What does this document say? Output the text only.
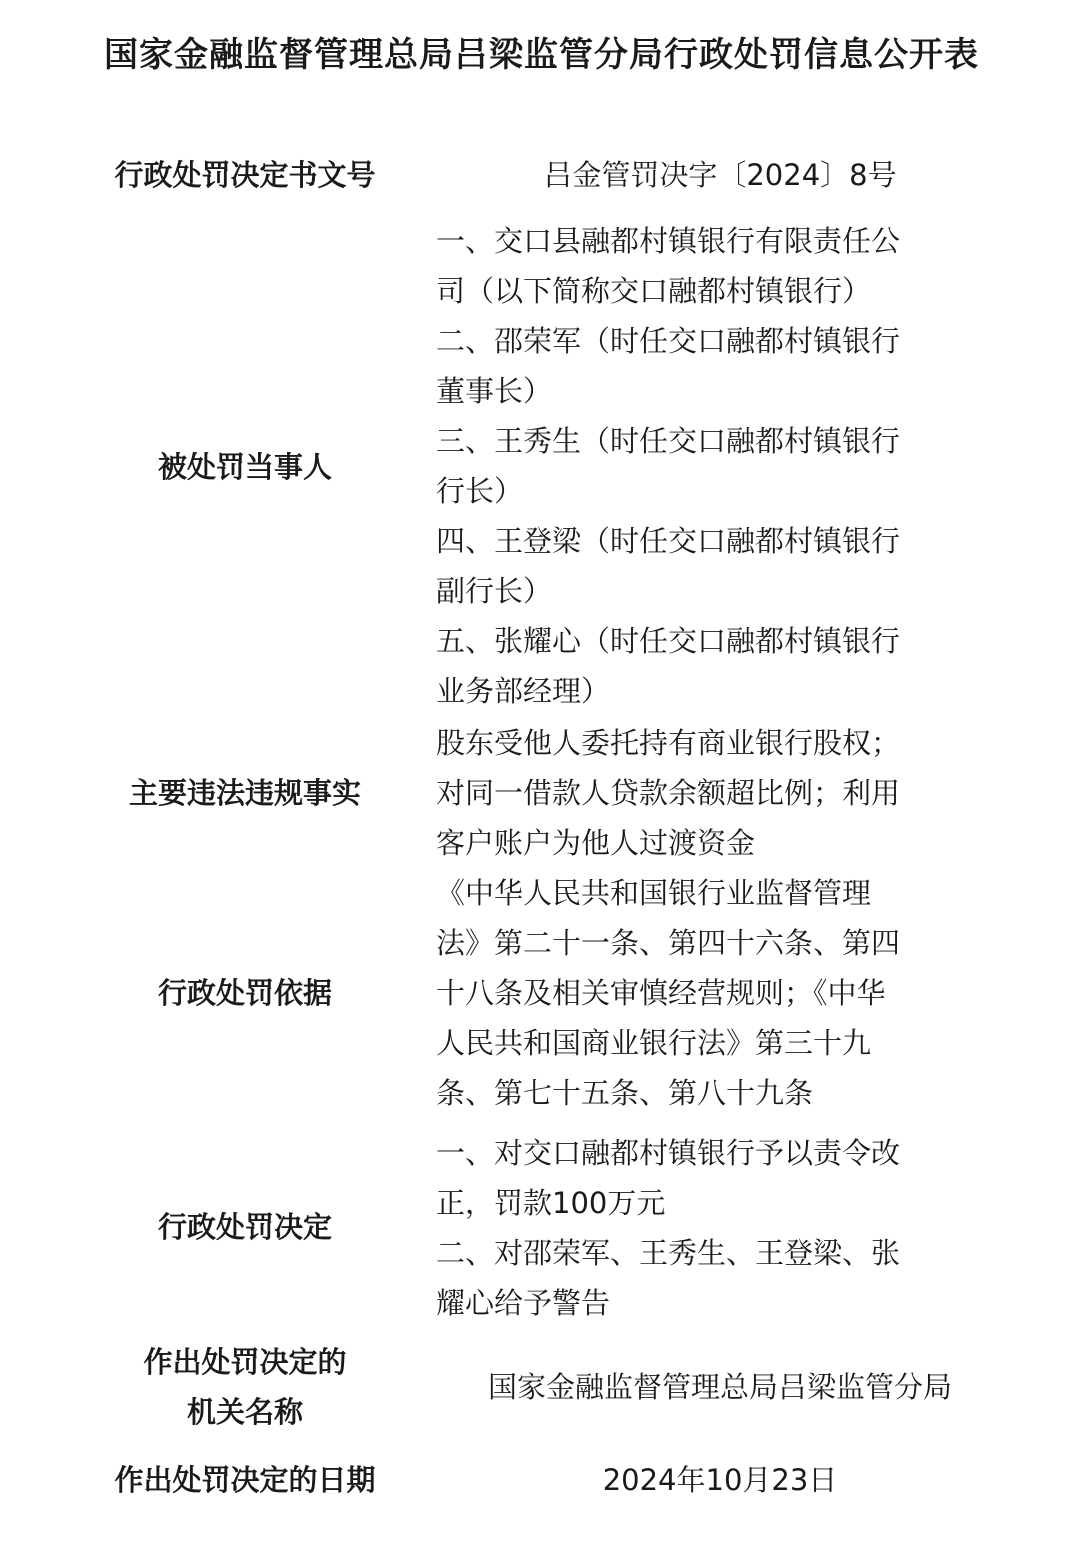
国家金融监督管理总局吕梁监管分局行政处罚信息公开表
行政处罚决定书文号	吕金管罚决字〔2024〕8号
被处罚当事人
一、交口县融都村镇银行有限责任公
司（以下简称交口融都村镇银行）
二、邵荣军（时任交口融都村镇银行
董事长）
三、王秀生（时任交口融都村镇银行
行长）
四、王登梁（时任交口融都村镇银行
副行长）
五、张耀心（时任交口融都村镇银行
业务部经理）
主要违法违规事实
股东受他人委托持有商业银行股权；
对同一借款人贷款余额超比例；利用
客户账户为他人过渡资金
行政处罚依据
《中华人民共和国银行业监督管理
法》第二十一条、第四十六条、第四
十八条及相关审慎经营规则；《中华
人民共和国商业银行法》第三十九
条、第七十五条、第八十九条
行政处罚决定
一、对交口融都村镇银行予以责令改
正，罚款100万元
二、对邵荣军、王秀生、王登梁、张
耀心给予警告
作出处罚决定的
机关名称
国家金融监督管理总局吕梁监管分局
作出处罚决定的日期	2024年10月23日
